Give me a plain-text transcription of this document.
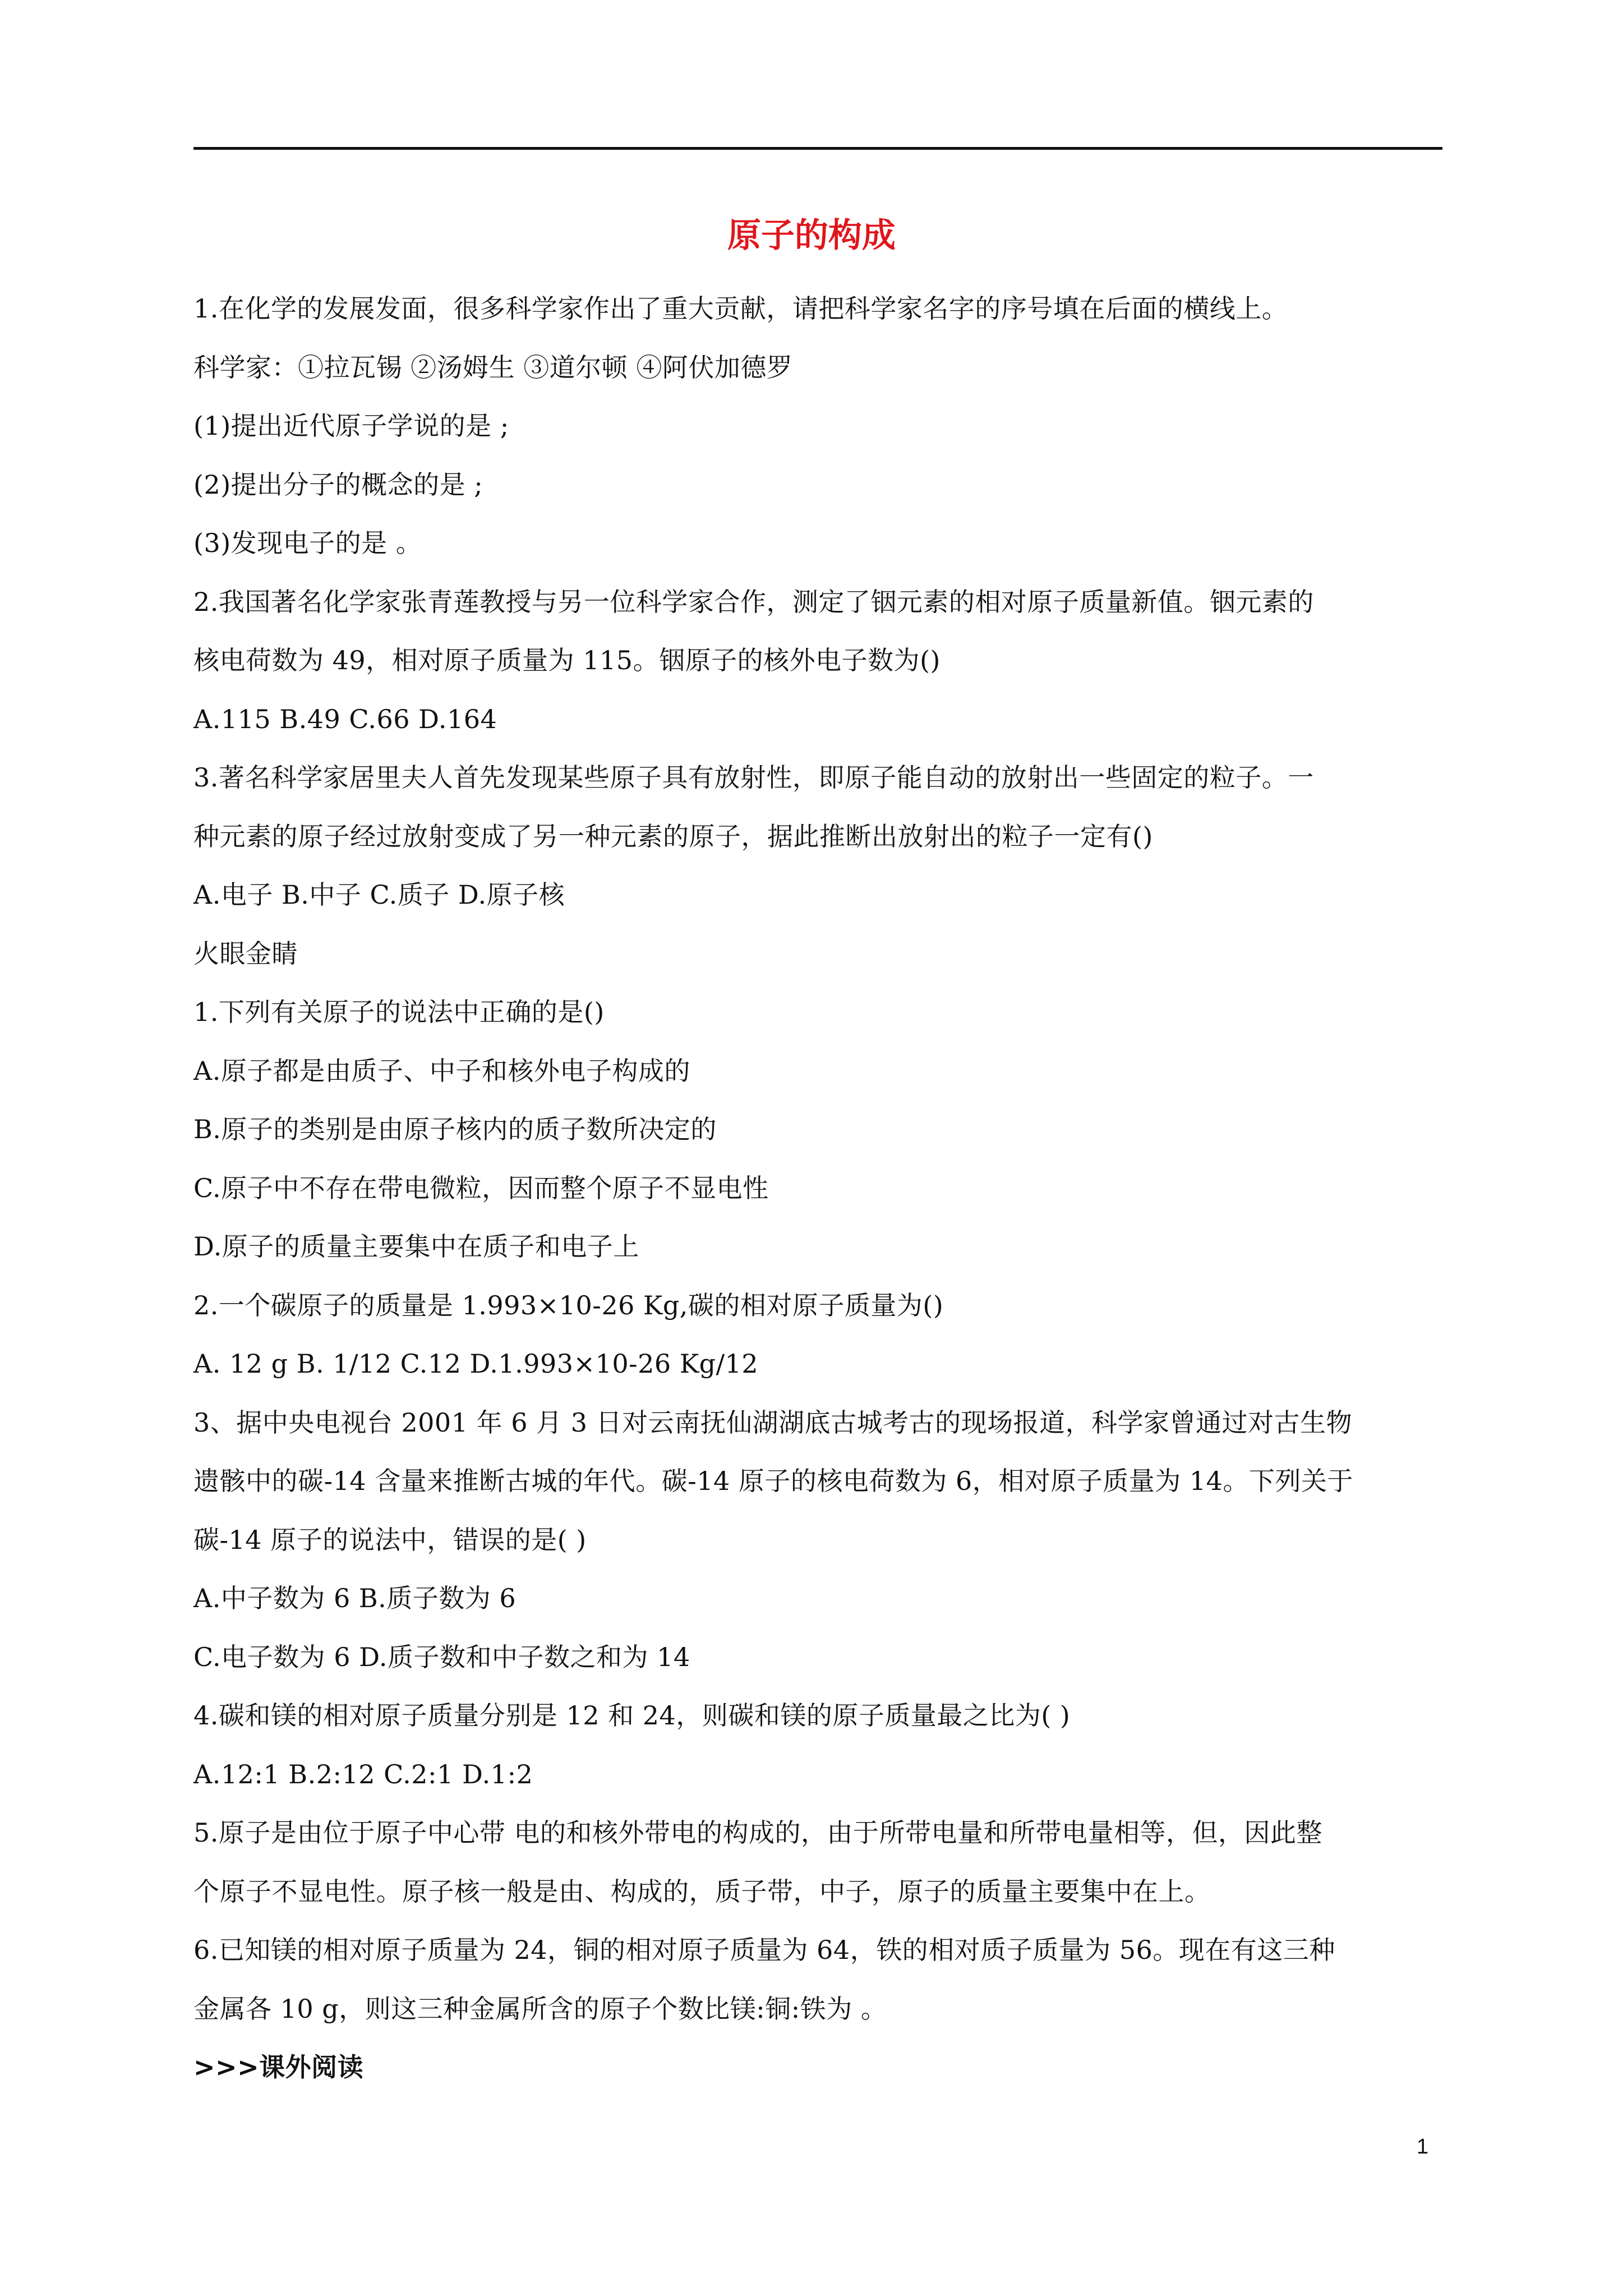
原子的构成
1.在化学的发展发面，很多科学家作出了重大贡献，请把科学家名字的序号填在后面的横线上。
科学家：①拉瓦锡 ②汤姆生 ③道尔顿 ④阿伏加德罗
(1)提出近代原子学说的是 ;
(2)提出分子的概念的是 ;
(3)发现电子的是 。
2.我国著名化学家张青莲教授与另一位科学家合作，测定了铟元素的相对原子质量新值。铟元素的
核电荷数为 49，相对原子质量为 115。铟原子的核外电子数为()
A.115 B.49 C.66 D.164
3.著名科学家居里夫人首先发现某些原子具有放射性，即原子能自动的放射出一些固定的粒子。一
种元素的原子经过放射变成了另一种元素的原子，据此推断出放射出的粒子一定有()
A.电子 B.中子 C.质子 D.原子核
火眼金睛
1.下列有关原子的说法中正确的是()
A.原子都是由质子、中子和核外电子构成的
B.原子的类别是由原子核内的质子数所决定的
C.原子中不存在带电微粒，因而整个原子不显电性
D.原子的质量主要集中在质子和电子上
2.一个碳原子的质量是 1.993×10-26 Kg,碳的相对原子质量为()
A. 12 g B. 1/12 C.12 D.1.993×10-26 Kg/12
3、据中央电视台 2001 年 6 月 3 日对云南抚仙湖湖底古城考古的现场报道，科学家曾通过对古生物
遗骸中的碳-14 含量来推断古城的年代。碳-14 原子的核电荷数为 6，相对原子质量为 14。下列关于
碳-14 原子的说法中，错误的是( )
A.中子数为 6 B.质子数为 6
C.电子数为 6 D.质子数和中子数之和为 14
4.碳和镁的相对原子质量分别是 12 和 24，则碳和镁的原子质量最之比为( )
A.12:1 B.2:12 C.2:1 D.1:2
5.原子是由位于原子中心带 电的和核外带电的构成的，由于所带电量和所带电量相等，但，因此整
个原子不显电性。原子核一般是由、构成的，质子带，中子，原子的质量主要集中在上。
6.已知镁的相对原子质量为 24，铜的相对原子质量为 64，铁的相对质子质量为 56。现在有这三种
金属各 10 g，则这三种金属所含的原子个数比镁:铜:铁为 。
>>>课外阅读
1
